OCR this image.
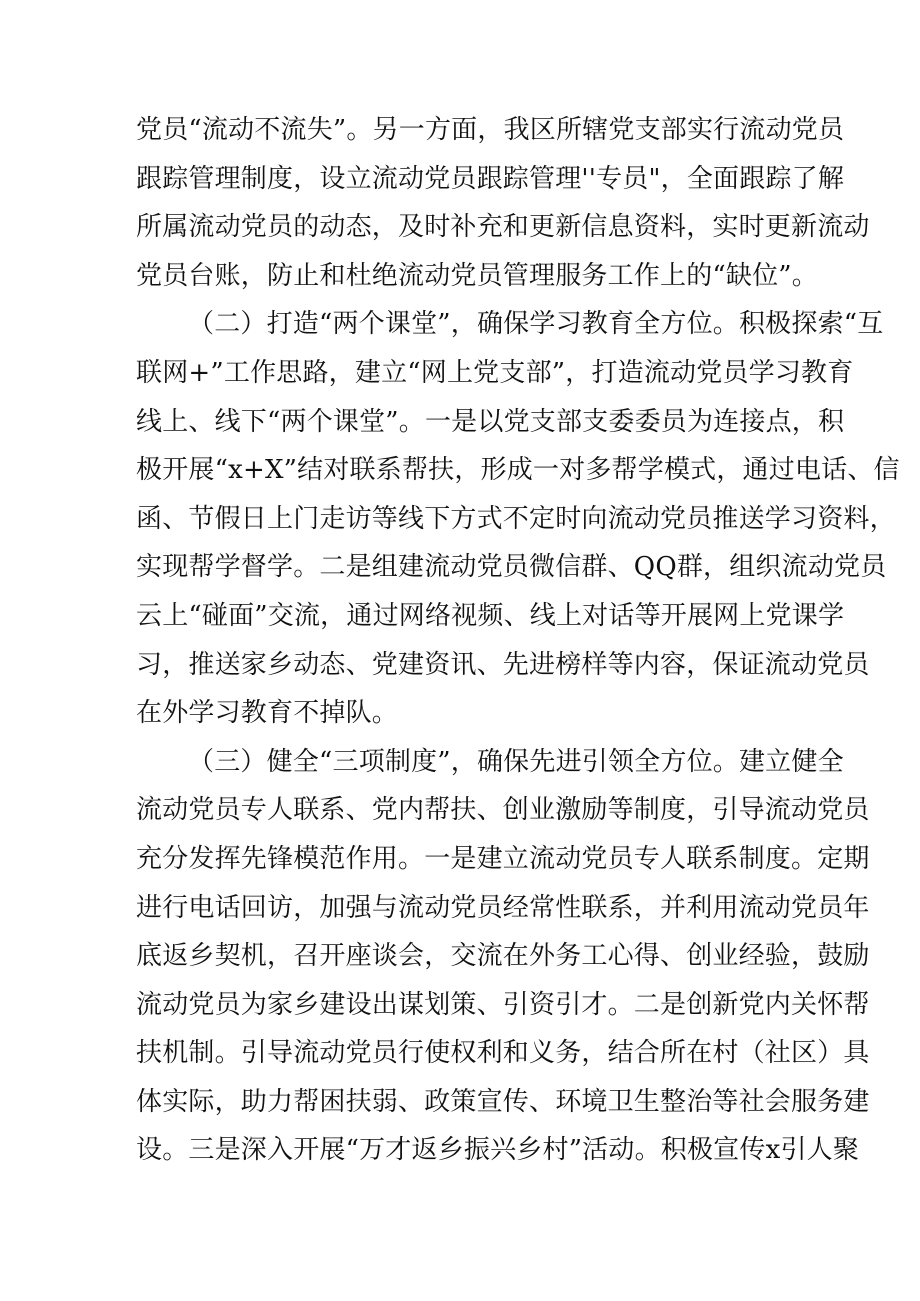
党员“流动不流失”。另一方面，我区所辖党支部实行流动党员
跟踪管理制度，设立流动党员跟踪管理''专员"，全面跟踪了解
所属流动党员的动态，及时补充和更新信息资料，实时更新流动
党员台账，防止和杜绝流动党员管理服务工作上的“缺位”。
（二）打造“两个课堂”，确保学习教育全方位。积极探索“互
联网+”工作思路，建立“网上党支部”，打造流动党员学习教育
线上、线下“两个课堂”。一是以党支部支委委员为连接点，积
极开展“x+X”结对联系帮扶，形成一对多帮学模式，通过电话、信
函、节假日上门走访等线下方式不定时向流动党员推送学习资料，
实现帮学督学。二是组建流动党员微信群、QQ群，组织流动党员
云上“碰面”交流，通过网络视频、线上对话等开展网上党课学
习，推送家乡动态、党建资讯、先进榜样等内容，保证流动党员
在外学习教育不掉队。
（三）健全“三项制度”，确保先进引领全方位。建立健全
流动党员专人联系、党内帮扶、创业激励等制度，引导流动党员
充分发挥先锋模范作用。一是建立流动党员专人联系制度。定期
进行电话回访，加强与流动党员经常性联系，并利用流动党员年
底返乡契机，召开座谈会，交流在外务工心得、创业经验，鼓励
流动党员为家乡建设出谋划策、引资引才。二是创新党内关怀帮
扶机制。引导流动党员行使权利和义务，结合所在村（社区）具
体实际，助力帮困扶弱、政策宣传、环境卫生整治等社会服务建
设。三是深入开展“万才返乡振兴乡村”活动。积极宣传x引人聚
